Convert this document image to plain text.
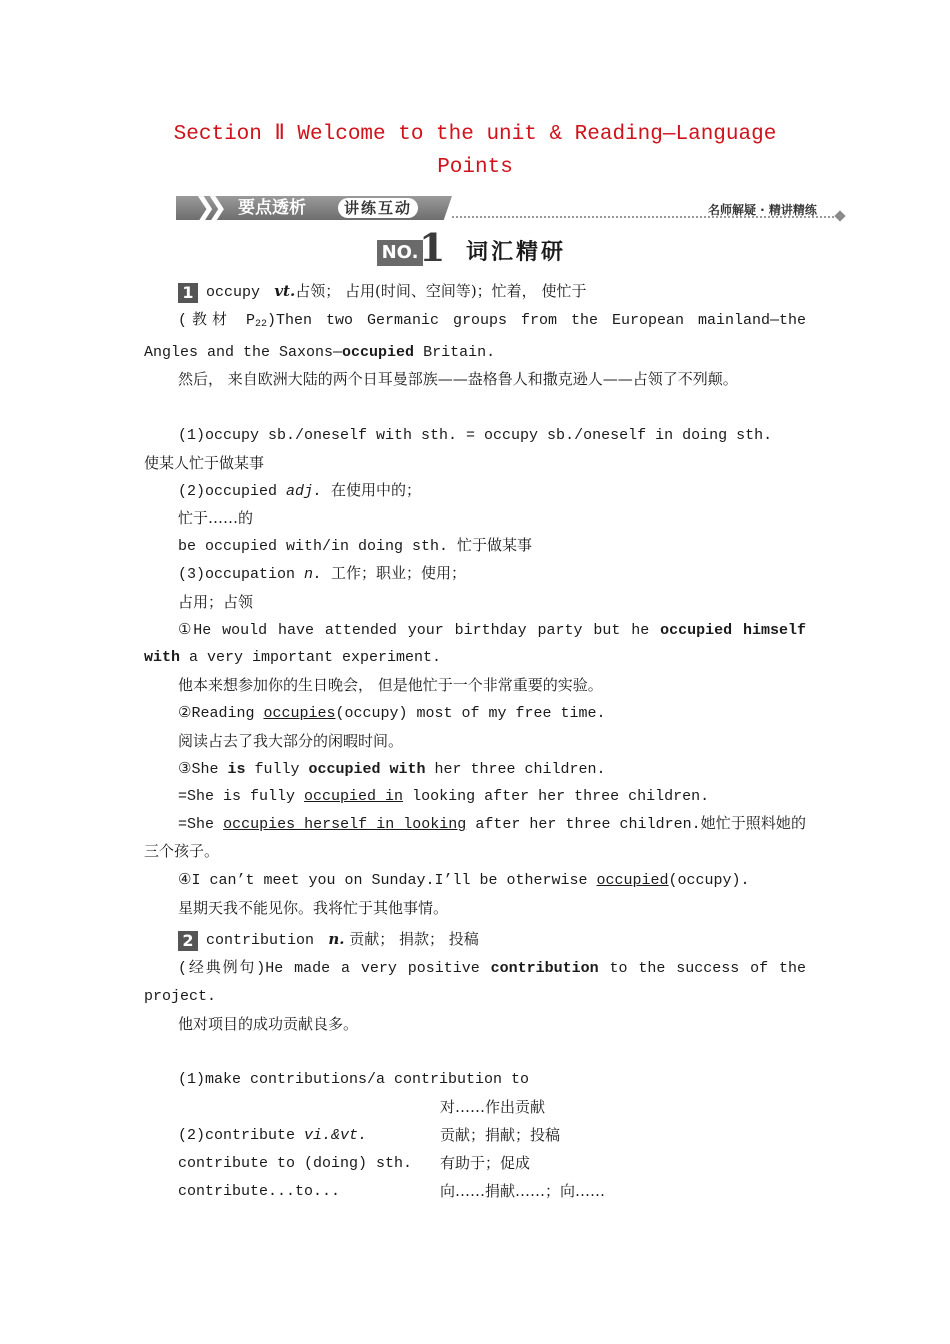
Section Ⅱ Welcome to the unit & Reading—Language
Points
❯❯ 要点透析	讲练互动	名师解疑 · 精讲精练
NO. 1 词汇精研

1 occupy vt.占领； 占用(时间、空间等)；忙着， 使忙于

(教材 $P_{22})Then$ two Germanic groups from the European mainland—the Angles and the Saxons—occupied Britain.

然后， 来自欧洲大陆的两个日耳曼部族——盎格鲁人和撒克逊人——占领了不列颠。

(1)occupy sb./oneself with sth. = occupy sb./oneself in doing sth.

使某人忙于做某事

(2)occupied adj. 在使用中的；

忙于……的

be occupied with/in doing sth. 忙于做某事

(3)occupation n. 工作；职业；使用；

占用；占领

①He would have attended your birthday party but he occupied himself with a very important experiment.

他本来想参加你的生日晚会， 但是他忙于一个非常重要的实验。

②Reading occupies(occupy) most of my free time.

阅读占去了我大部分的闲暇时间。

③She is fully occupied with her three children.

=She is fully occupied in looking after her three children.

=She occupies herself in looking after her three children.她忙于照料她的三个孩子。

④I can’t meet you on Sunday.I’ll be otherwise occupied(occupy).

星期天我不能见你。我将忙于其他事情。

2 contribution n. 贡献； 捐款； 投稿

(经典例句)He made a very positive contribution to the success of the project.

他对项目的成功贡献良多。

(1)make contributions/a contribution to

对……作出贡献
(2)contribute vi.&vt.	贡献；捐献；投稿
contribute to (doing) sth.	有助于；促成
contribute...to...	向……捐献……；向……
